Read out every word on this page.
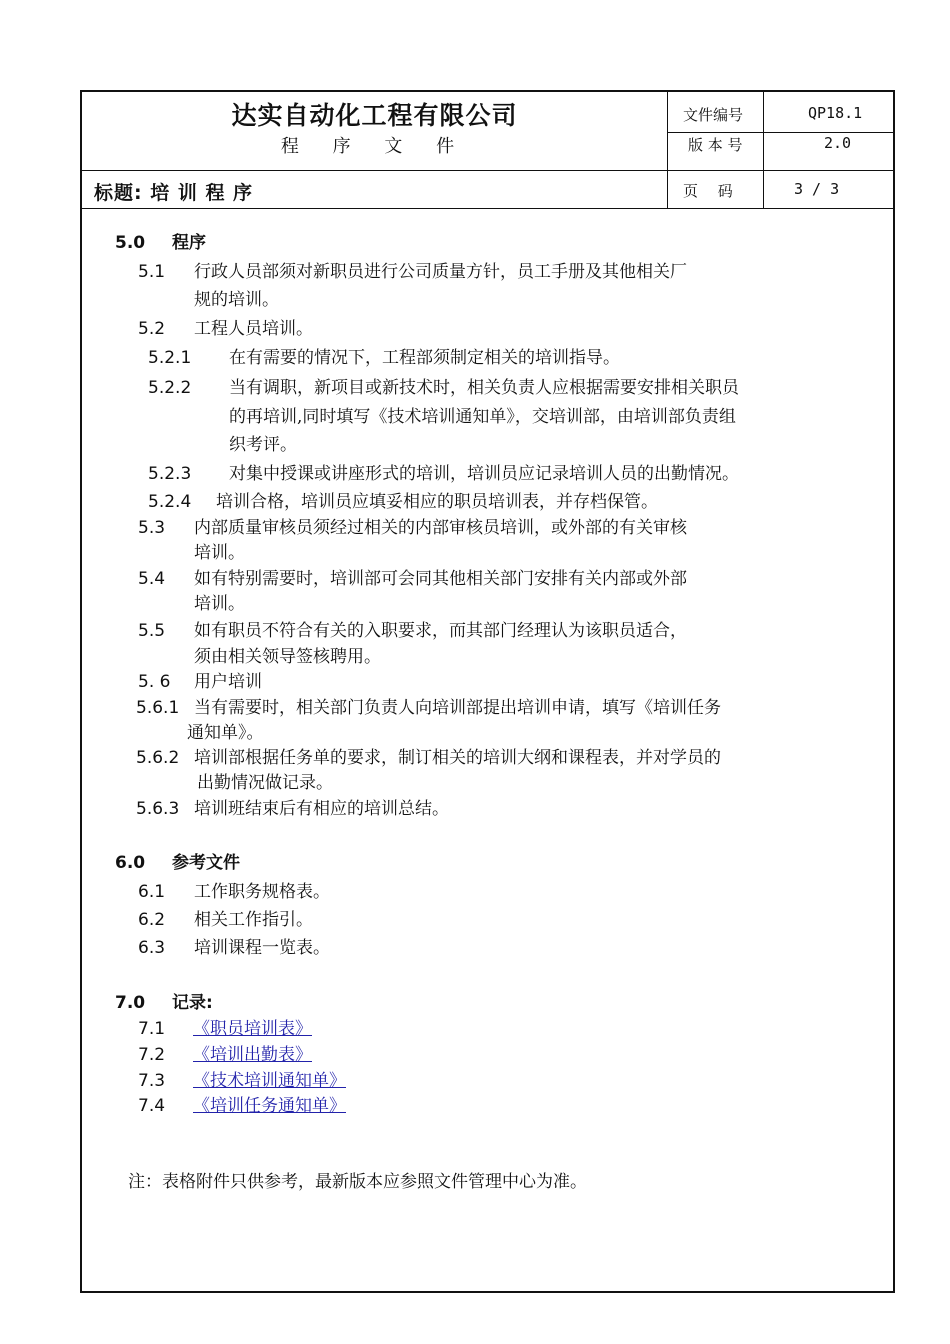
达实自动化工程有限公司
程 序 文 件
文件编号	QP18.1
版 本 号	2.0
页　 码	3 / 3
标题: 培 训 程 序
5.0 程序
5.1 行政人员部须对新职员进行公司质量方针，员工手册及其他相关厂
规的培训。
5.2 工程人员培训。
5.2.1 在有需要的情况下，工程部须制定相关的培训指导。
5.2.2 当有调职，新项目或新技术时，相关负责人应根据需要安排相关职员
的再培训,同时填写《技术培训通知单》，交培训部，由培训部负责组
织考评。
5.2.3 对集中授课或讲座形式的培训，培训员应记录培训人员的出勤情况。
5.2.4 培训合格，培训员应填妥相应的职员培训表，并存档保管。
5.3 内部质量审核员须经过相关的内部审核员培训，或外部的有关审核
培训。
5.4 如有特别需要时，培训部可会同其他相关部门安排有关内部或外部
培训。
5.5 如有职员不符合有关的入职要求，而其部门经理认为该职员适合，
须由相关领导签核聘用。
5. 6 用户培训
5.6.1 当有需要时，相关部门负责人向培训部提出培训申请，填写《培训任务
通知单》。
5.6.2 培训部根据任务单的要求，制订相关的培训大纲和课程表，并对学员的
出勤情况做记录。
5.6.3 培训班结束后有相应的培训总结。
6.0 参考文件
6.1 工作职务规格表。
6.2 相关工作指引。
6.3 培训课程一览表。
7.0 记录:
7.1 《职员培训表》
7.2 《培训出勤表》
7.3 《技术培训通知单》
7.4 《培训任务通知单》
注：表格附件只供参考，最新版本应参照文件管理中心为准。
